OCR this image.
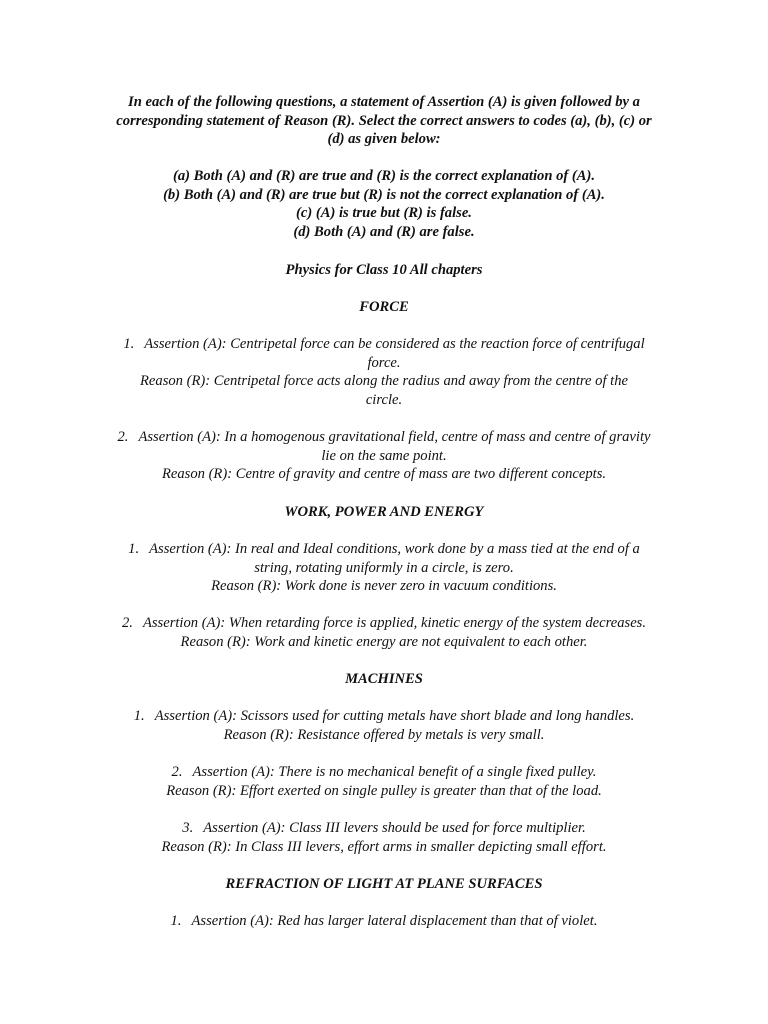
In each of the following questions, a statement of Assertion (A) is given followed by a
corresponding statement of Reason (R). Select the correct answers to codes (a), (b), (c) or
(d) as given below:
(a) Both (A) and (R) are true and (R) is the correct explanation of (A).
(b) Both (A) and (R) are true but (R) is not the correct explanation of (A).
(c) (A) is true but (R) is false.
(d) Both (A) and (R) are false.
Physics for Class 10 All chapters
FORCE
1. Assertion (A): Centripetal force can be considered as the reaction force of centrifugal
force.
Reason (R): Centripetal force acts along the radius and away from the centre of the
circle.
2. Assertion (A): In a homogenous gravitational field, centre of mass and centre of gravity
lie on the same point.
Reason (R): Centre of gravity and centre of mass are two different concepts.
WORK, POWER AND ENERGY
1. Assertion (A): In real and Ideal conditions, work done by a mass tied at the end of a
string, rotating uniformly in a circle, is zero.
Reason (R): Work done is never zero in vacuum conditions.
2. Assertion (A): When retarding force is applied, kinetic energy of the system decreases.
Reason (R): Work and kinetic energy are not equivalent to each other.
MACHINES
1. Assertion (A): Scissors used for cutting metals have short blade and long handles.
Reason (R): Resistance offered by metals is very small.
2. Assertion (A): There is no mechanical benefit of a single fixed pulley.
Reason (R): Effort exerted on single pulley is greater than that of the load.
3. Assertion (A): Class III levers should be used for force multiplier.
Reason (R): In Class III levers, effort arms in smaller depicting small effort.
REFRACTION OF LIGHT AT PLANE SURFACES
1. Assertion (A): Red has larger lateral displacement than that of violet.
